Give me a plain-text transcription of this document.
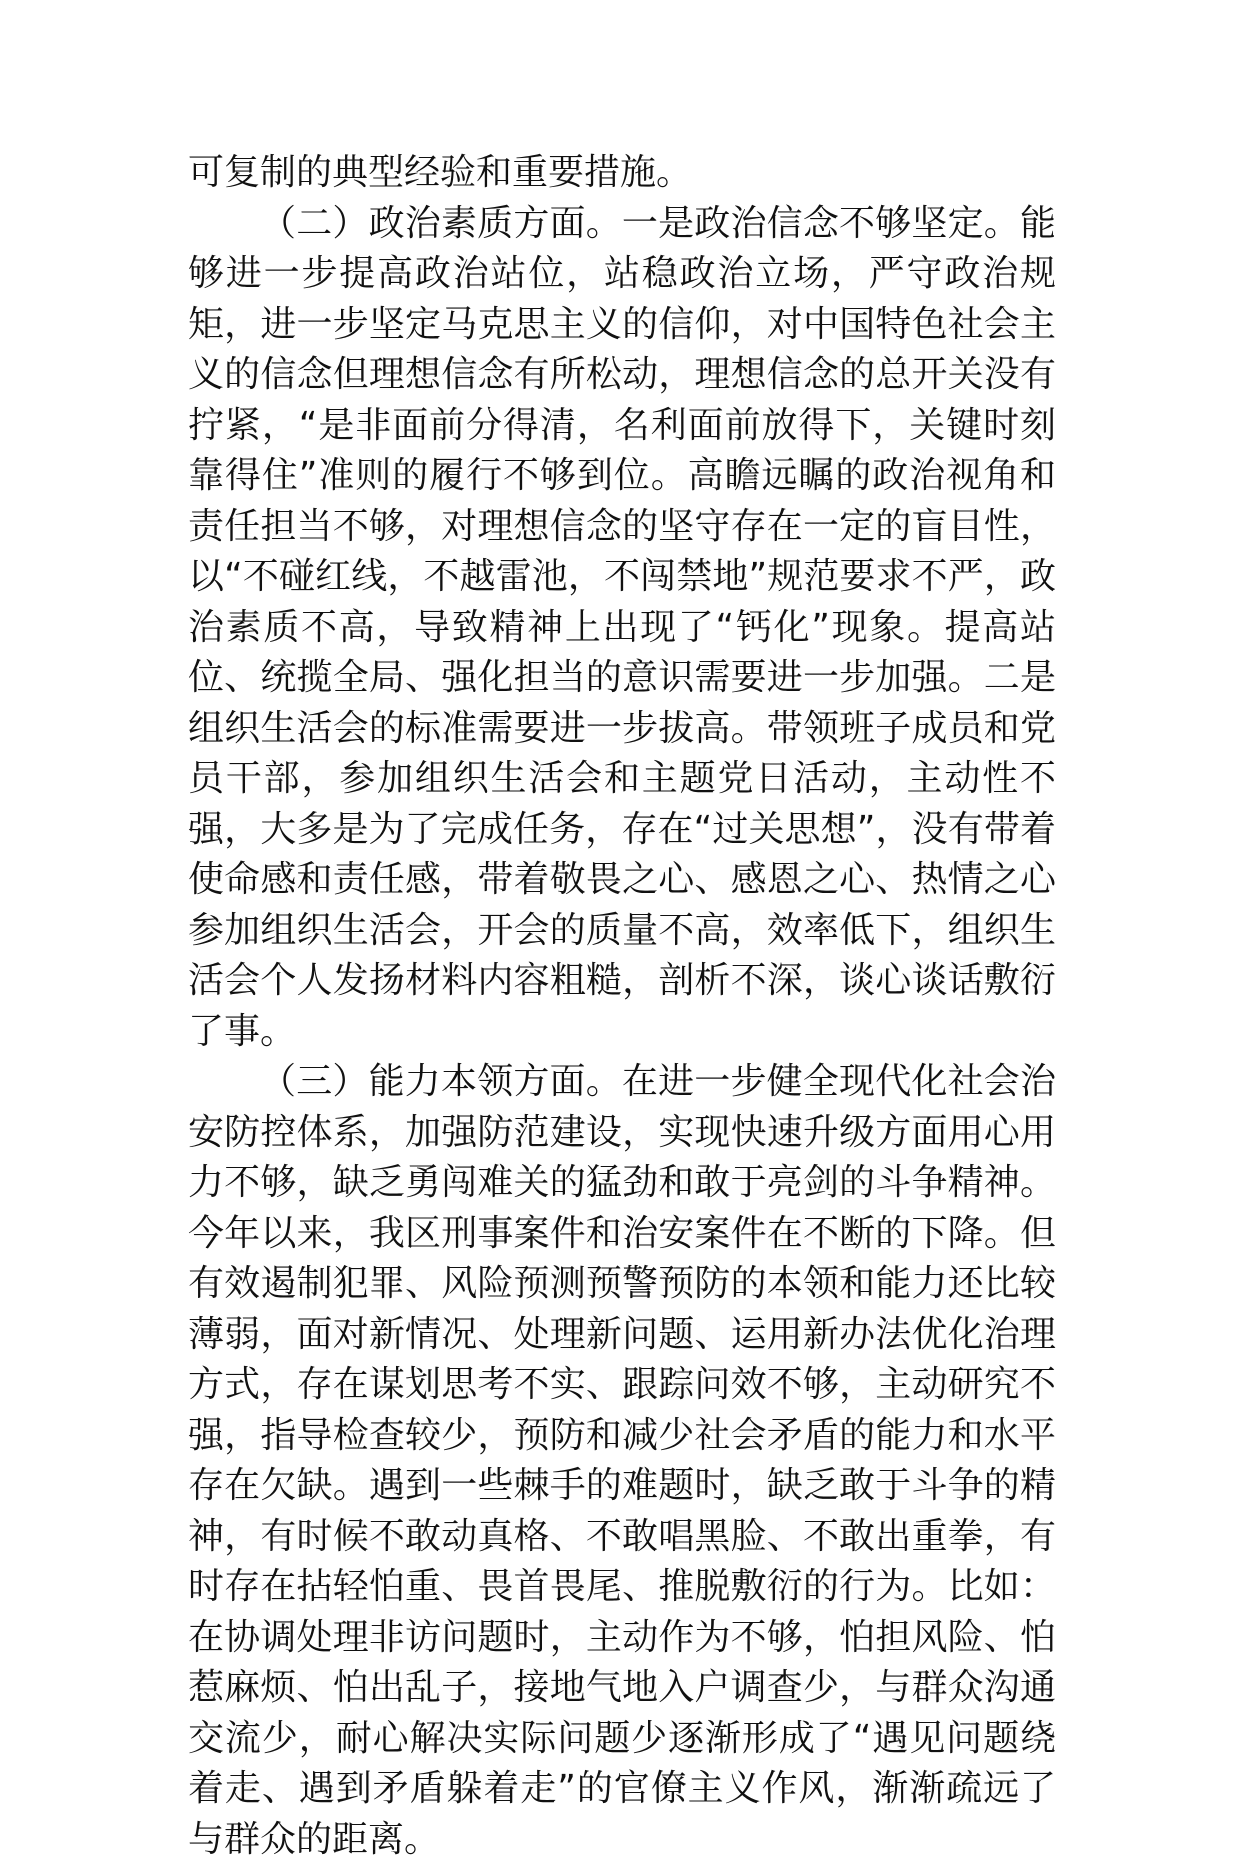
可复制的典型经验和重要措施。

（二）政治素质方面。一是政治信念不够坚定。能够进一步提高政治站位，站稳政治立场，严守政治规矩，进一步坚定马克思主义的信仰，对中国特色社会主义的信念但理想信念有所松动，理想信念的总开关没有拧紧，“是非面前分得清，名利面前放得下，关键时刻靠得住”准则的履行不够到位。高瞻远瞩的政治视角和责任担当不够，对理想信念的坚守存在一定的盲目性，以“不碰红线，不越雷池，不闯禁地”规范要求不严，政治素质不高，导致精神上出现了“钙化”现象。提高站位、统揽全局、强化担当的意识需要进一步加强。二是组织生活会的标准需要进一步拔高。带领班子成员和党员干部，参加组织生活会和主题党日活动，主动性不强，大多是为了完成任务，存在“过关思想”，没有带着使命感和责任感，带着敬畏之心、感恩之心、热情之心参加组织生活会，开会的质量不高，效率低下，组织生活会个人发扬材料内容粗糙，剖析不深，谈心谈话敷衍了事。

（三）能力本领方面。在进一步健全现代化社会治安防控体系，加强防范建设，实现快速升级方面用心用力不够，缺乏勇闯难关的猛劲和敢于亮剑的斗争精神。今年以来，我区刑事案件和治安案件在不断的下降。但有效遏制犯罪、风险预测预警预防的本领和能力还比较薄弱，面对新情况、处理新问题、运用新办法优化治理方式，存在谋划思考不实、跟踪问效不够，主动研究不强，指导检查较少，预防和减少社会矛盾的能力和水平存在欠缺。遇到一些棘手的难题时，缺乏敢于斗争的精神，有时候不敢动真格、不敢唱黑脸、不敢出重拳，有时存在拈轻怕重、畏首畏尾、推脱敷衍的行为。比如：在协调处理非访问题时，主动作为不够，怕担风险、怕惹麻烦、怕出乱子，接地气地入户调查少，与群众沟通交流少，耐心解决实际问题少逐渐形成了“遇见问题绕着走、遇到矛盾躲着走”的官僚主义作风，渐渐疏远了与群众的距离。
